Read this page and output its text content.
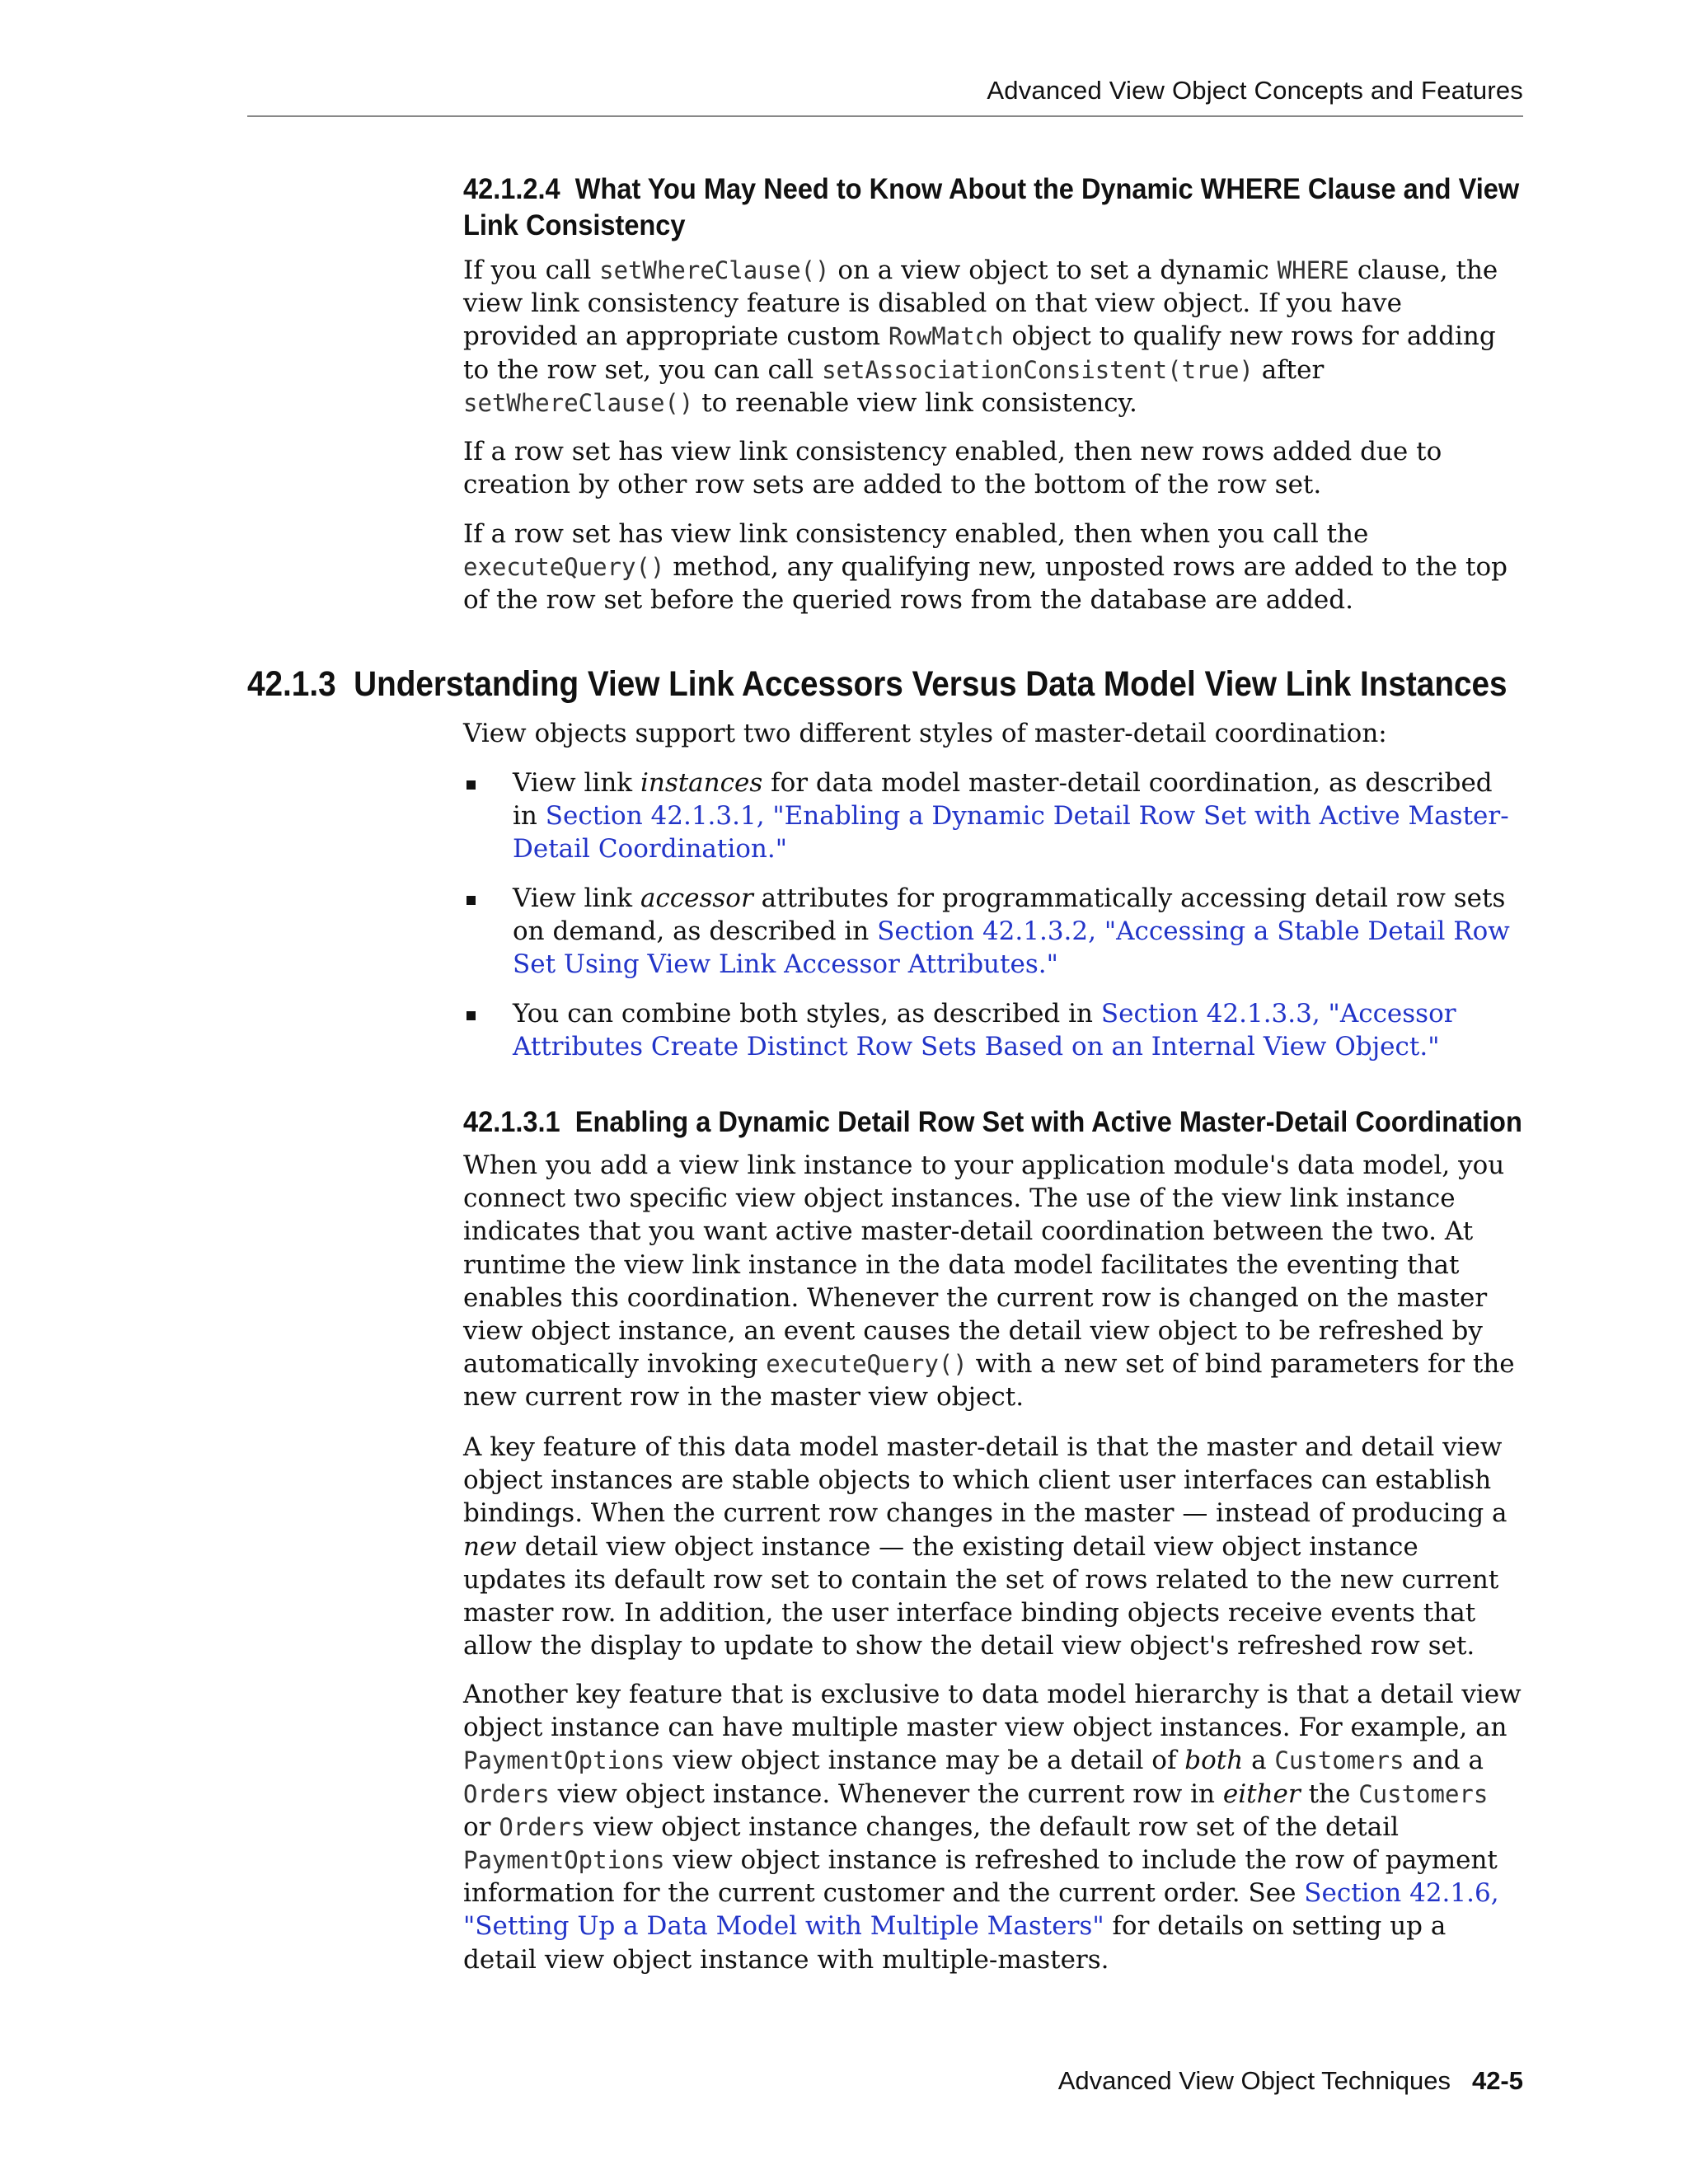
Advanced View Object Concepts and Features
42.1.2.4 What You May Need to Know About the Dynamic WHERE Clause and View
Link Consistency

If you call setWhereClause() on a view object to set a dynamic WHERE clause, the view link consistency feature is disabled on that view object. If you have provided an appropriate custom RowMatch object to qualify new rows for adding to the row set, you can call setAssociationConsistent(true) after setWhereClause() to reenable view link consistency.

If a row set has view link consistency enabled, then new rows added due to creation by other row sets are added to the bottom of the row set.

If a row set has view link consistency enabled, then when you call the executeQuery() method, any qualifying new, unposted rows are added to the top of the row set before the queried rows from the database are added.

42.1.3 Understanding View Link Accessors Versus Data Model View Link Instances

View objects support two different styles of master-detail coordination:

View link instances for data model master-detail coordination, as described in Section 42.1.3.1, "Enabling a Dynamic Detail Row Set with Active Master-Detail Coordination."
View link accessor attributes for programmatically accessing detail row sets on demand, as described in Section 42.1.3.2, "Accessing a Stable Detail Row Set Using View Link Accessor Attributes."
You can combine both styles, as described in Section 42.1.3.3, "Accessor Attributes Create Distinct Row Sets Based on an Internal View Object."
42.1.3.1 Enabling a Dynamic Detail Row Set with Active Master-Detail Coordination

When you add a view link instance to your application module's data model, you connect two specific view object instances. The use of the view link instance indicates that you want active master-detail coordination between the two. At runtime the view link instance in the data model facilitates the eventing that enables this coordination. Whenever the current row is changed on the master view object instance, an event causes the detail view object to be refreshed by automatically invoking executeQuery() with a new set of bind parameters for the new current row in the master view object.

A key feature of this data model master-detail is that the master and detail view object instances are stable objects to which client user interfaces can establish bindings. When the current row changes in the master — instead of producing a new detail view object instance — the existing detail view object instance updates its default row set to contain the set of rows related to the new current master row. In addition, the user interface binding objects receive events that allow the display to update to show the detail view object's refreshed row set.

Another key feature that is exclusive to data model hierarchy is that a detail view object instance can have multiple master view object instances. For example, an PaymentOptions view object instance may be a detail of both a Customers and a Orders view object instance. Whenever the current row in either the Customers or Orders view object instance changes, the default row set of the detail PaymentOptions view object instance is refreshed to include the row of payment information for the current customer and the current order. See Section 42.1.6, "Setting Up a Data Model with Multiple Masters" for details on setting up a detail view object instance with multiple-masters.

Advanced View Object Techniques 42-5
